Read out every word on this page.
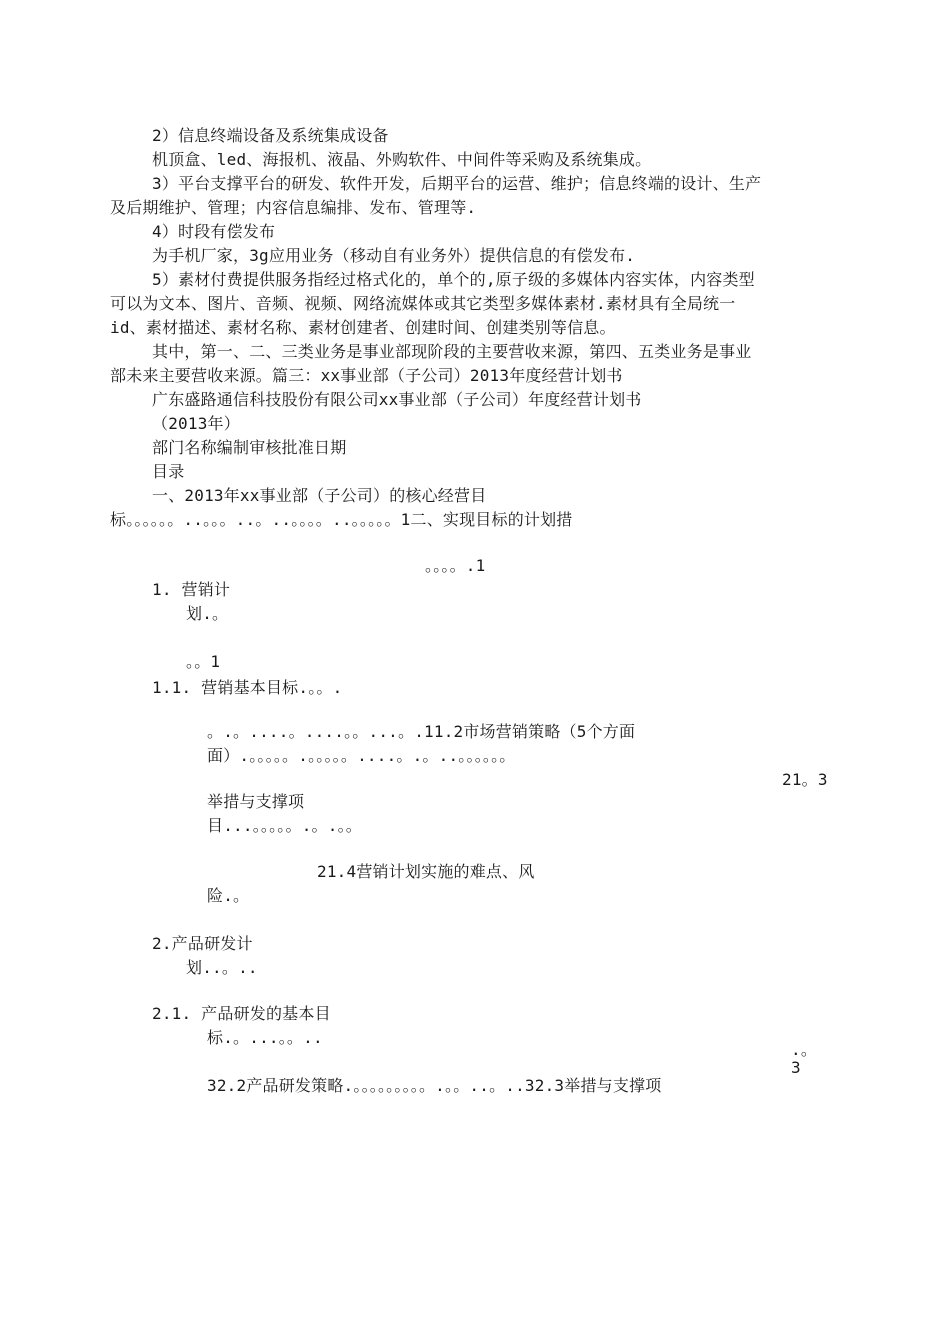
2）信息终端设备及系统集成设备
机顶盒、led、海报机、液晶、外购软件、中间件等采购及系统集成。
3）平台支撑平台的研发、软件开发，后期平台的运营、维护；信息终端的设计、生产
及后期维护、管理；内容信息编排、发布、管理等.
4）时段有偿发布
为手机厂家，3g应用业务（移动自有业务外）提供信息的有偿发布.
5）素材付费提供服务指经过格式化的，单个的,原子级的多媒体内容实体，内容类型
可以为文本、图片、音频、视频、网络流媒体或其它类型多媒体素材.素材具有全局统一
id、素材描述、素材名称、素材创建者、创建时间、创建类别等信息。
其中，第一、二、三类业务是事业部现阶段的主要营收来源，第四、五类业务是事业
部未来主要营收来源。篇三：xx事业部（子公司）2013年度经营计划书
广东盛路通信科技股份有限公司xx事业部（子公司）年度经营计划书
（2013年）
部门名称编制审核批准日期
目录
一、2013年xx事业部（子公司）的核心经营目
标。。。。。。..。。。..。..。。。。..。。。。。1二、实现目标的计划措
。。。。.1
1. 营销计
划.。
。。1
1.1. 营销基本目标.。。.
。.。....。....。。...。.11.2市场营销策略（5个方面
面）.。。。。。.。。。。。....。.。..。。。。。。
21。3
举措与支撑项
目...。。。。。.。.。。
21.4营销计划实施的难点、风
险.。
2.产品研发计
划..。..
2.1. 产品研发的基本目
标.。...。。..
.。
3
32.2产品研发策略.。。。。。。。。。.。。..。..32.3举措与支撑项
